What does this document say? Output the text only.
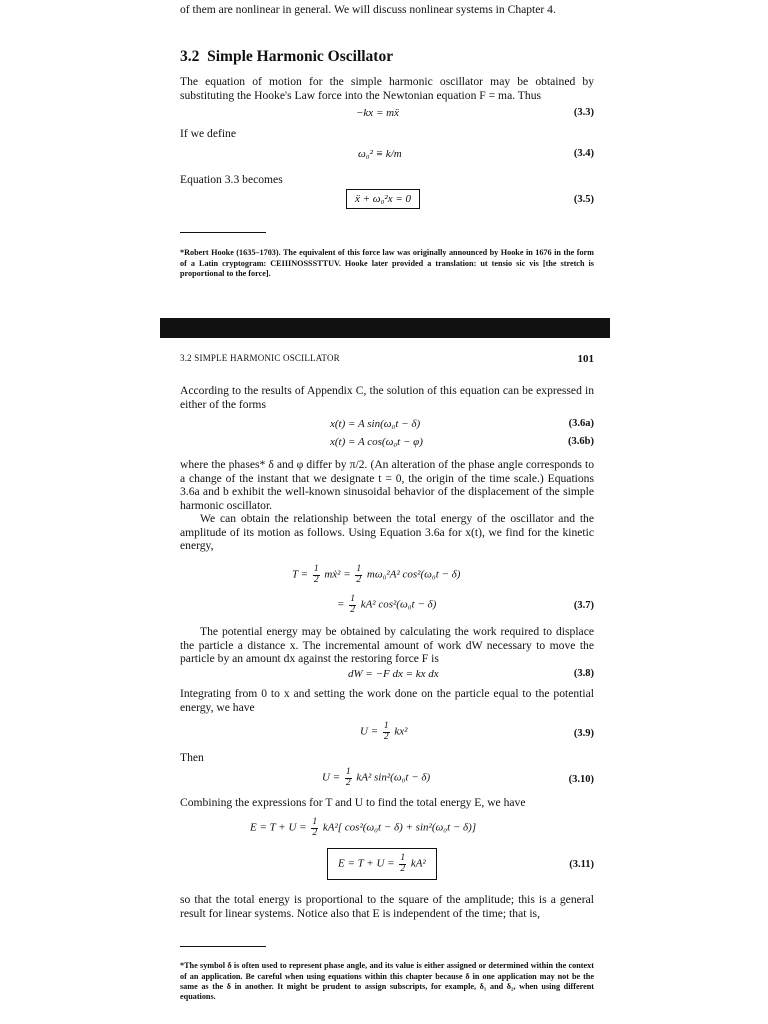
of them are nonlinear in general. We will discuss nonlinear systems in Chapter 4.

3.2 Simple Harmonic Oscillator

The equation of motion for the simple harmonic oscillator may be obtained by substituting the Hooke's Law force into the Newtonian equation F = ma. Thus

−kx = mẍ	(3.3)

If we define

ω₀² ≡ k/m	(3.4)

Equation 3.3 becomes

ẍ + ω₀²x = 0	(3.5)

*Robert Hooke (1635–1703). The equivalent of this force law was originally announced by Hooke in 1676 in the form of a Latin cryptogram: CEIIINOSSSTTUV. Hooke later provided a translation: ut tensio sic vis [the stretch is proportional to the force].

3.2 SIMPLE HARMONIC OSCILLATOR	101

According to the results of Appendix C, the solution of this equation can be expressed in either of the forms

x(t) = A sin(ω₀t − δ)	(3.6a)
x(t) = A cos(ω₀t − φ)	(3.6b)

where the phases* δ and φ differ by π/2. (An alteration of the phase angle corresponds to a change of the instant that we designate t = 0, the origin of the time scale.) Equations 3.6a and b exhibit the well-known sinusoidal behavior of the displacement of the simple harmonic oscillator.

We can obtain the relationship between the total energy of the oscillator and the amplitude of its motion as follows. Using Equation 3.6a for x(t), we find for the kinetic energy,

$T = \frac{1}{2}$ mẋ² = $\frac{1}{2} m\omega_0^2A^2$ cos²(ω₀t − δ)
= $\frac{1}{2} kA^2$ cos²(ω₀t − δ)	(3.7)

The potential energy may be obtained by calculating the work required to displace the particle a distance x. The incremental amount of work dW necessary to move the particle by an amount dx against the restoring force F is

dW = −F dx = kx dx	(3.8)

Integrating from 0 to x and setting the work done on the particle equal to the potential energy, we have

$U = \frac{1}{2} kx^2$	(3.9)

Then

$U = \frac{1}{2} kA^2$ sin²(ω₀t − δ)	(3.10)

Combining the expressions for T and U to find the total energy E, we have

$E = T + U = \frac{1}{2} kA^2$[ cos²(ω₀t − δ) + sin²(ω₀t − δ)]
$E = T + U = \frac{1}{2} kA^2$	(3.11)

so that the total energy is proportional to the square of the amplitude; this is a general result for linear systems. Notice also that E is independent of the time; that is,

*The symbol δ is often used to represent phase angle, and its value is either assigned or determined within the context of an application. Be careful when using equations within this chapter because δ in one application may not be the same as the δ in another. It might be prudent to assign subscripts, for example, δ₁ and δ₂, when using different equations.
